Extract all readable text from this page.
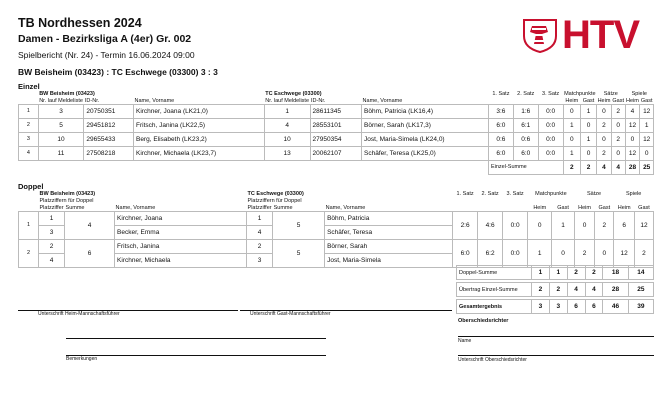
TB Nordhessen 2024
Damen - Bezirksliga A (4er) Gr. 002
Spielbericht (Nr. 24) - Termin 16.06.2024 09:00
BW Beisheim (03423) : TC Eschwege (03300) 3 : 3
HTV
Einzel
	BW Beisheim (03423)			TC Eschwege (03300)			1. Satz	2. Satz	3. Satz	Matchpunkte		Sätze		Spiele	
	Nr. lauf Meldeliste	ID-Nr.	Name, Vorname	Nr. lauf Meldeliste	ID-Nr.	Name, Vorname				Heim	Gast	Heim	Gast	Heim	Gast
1	3	20750351	Kirchner, Joana (LK21,0)	1	28611345	Böhm, Patricia (LK16,4)	3:6	1:6	0:0	0	1	0	2	4	12
2	5	29451812	Fritsch, Janina (LK22,5)	4	28553101	Börner, Sarah (LK17,3)	6:0	6:1	0:0	1	0	2	0	12	1
3	10	29655433	Berg, Elisabeth (LK23,2)	10	27950354	Jost, Maria-Simela (LK24,0)	0:6	0:6	0:0	0	1	0	2	0	12
4	11	27508218	Kirchner, Michaela (LK23,7)	13	20062107	Schäfer, Teresa (LK25,0)	6:0	6:0	0:0	1	0	2	0	12	0
							Einzel-Summe			2	2	4	4	28	25
Doppel
	BW Beisheim (03423)			TC Eschwege (03300)			1. Satz	2. Satz	3. Satz	Matchpunkte		Sätze		Spiele	
	Platzziffern für Doppel			Platzziffern für Doppel											
	Platzziffer	Summe	Name, Vorname	Platzziffer	Summe	Name, Vorname				Heim	Gast	Heim	Gast	Heim	Gast
1	1	4	Kirchner, Joana	1	5	Böhm, Patricia	2:6	4:6	0:0	0	1	0	2	6	12
	3		Becker, Emma	4		Schäfer, Teresa									
2	2	6	Fritsch, Janina	2	5	Börner, Sarah	6:0	6:2	0:0	1	0	2	0	12	2
	4		Kirchner, Michaela	3		Jost, Maria-Simela									
Doppel-Summe	1	1	2	2	18	14

Übertrag Einzel-Summe	2	2	4	4	28	25

Gesamtergebnis	3	3	6	6	46	39
Unterschrift Heim-Mannschaftsführer	Unterschrift Gast-Mannschaftsführer
Bemerkungen
Oberschiedsrichter
Name
Unterschrift Oberschiedsrichter
